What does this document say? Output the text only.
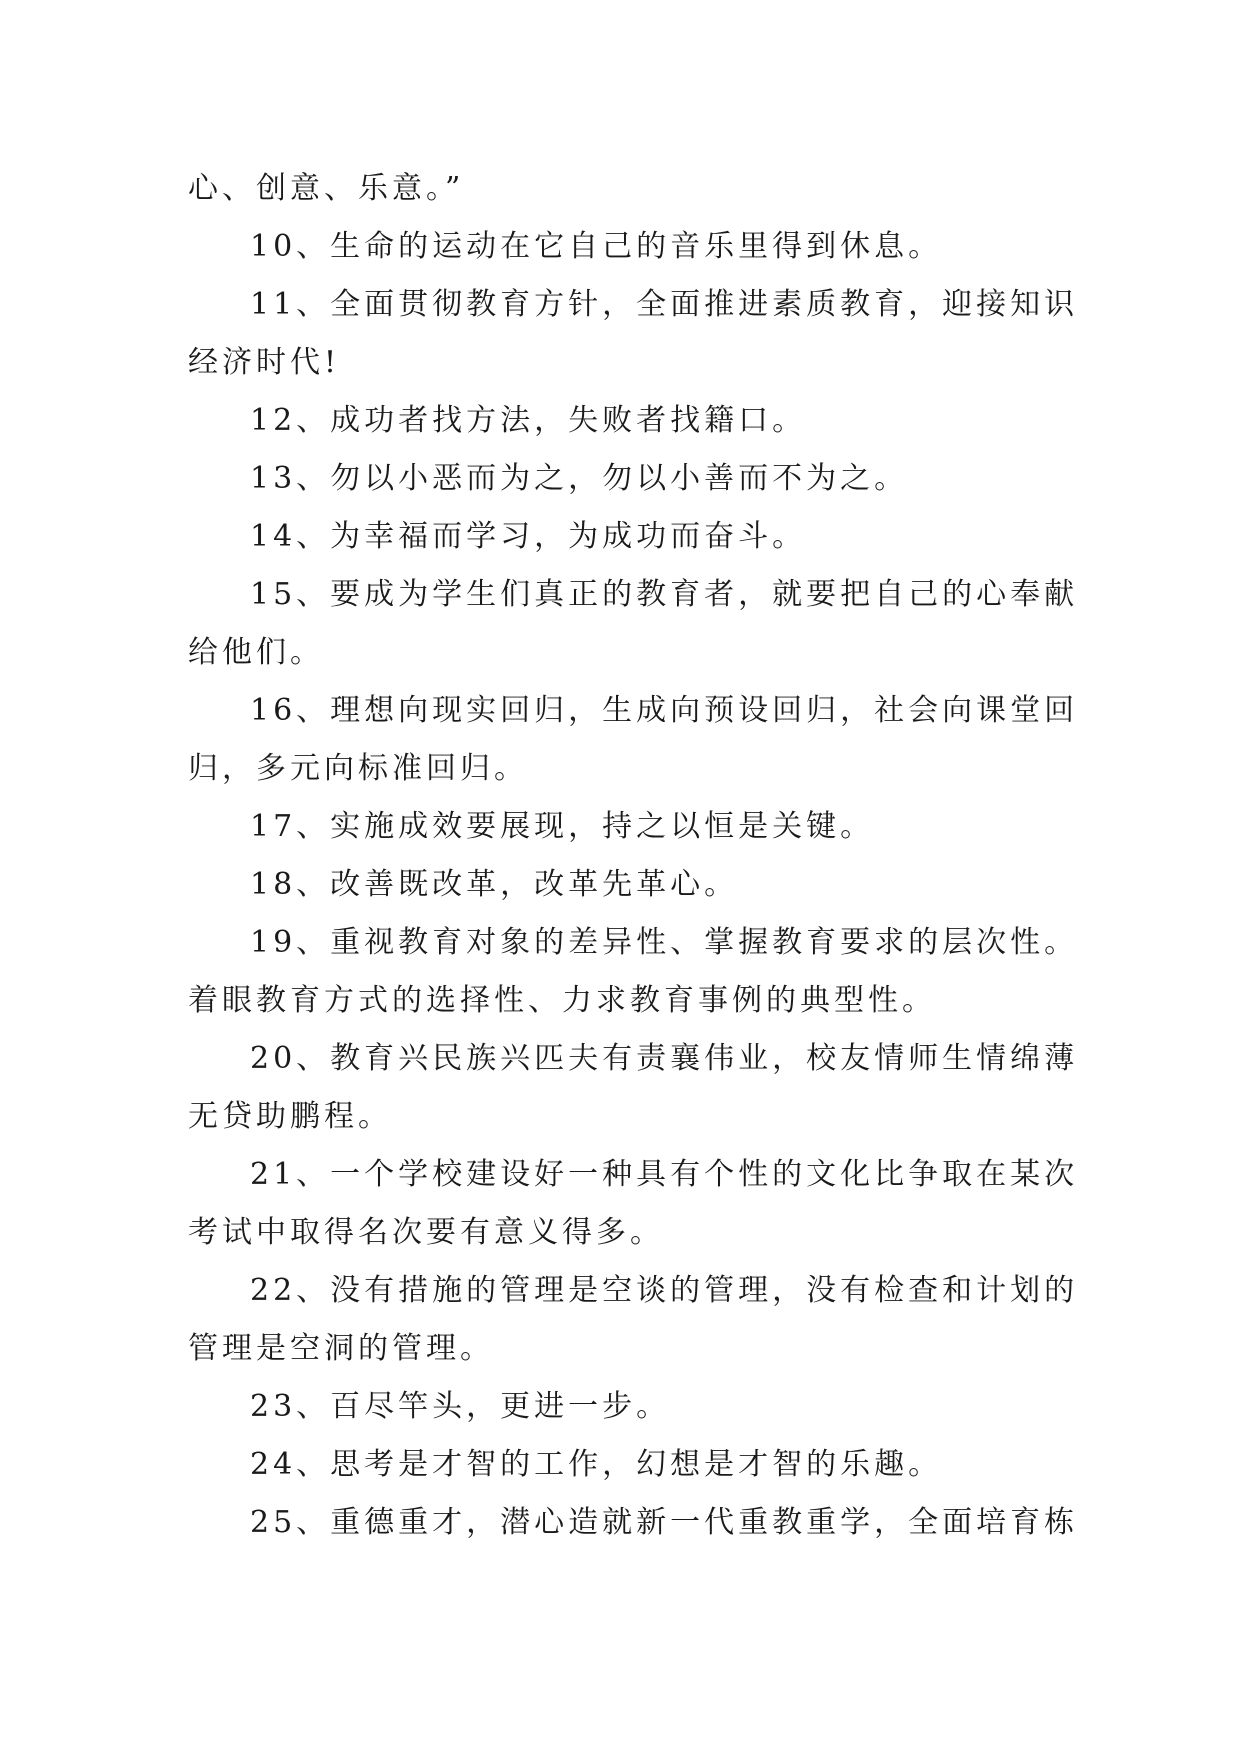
心、创意、乐意。”
10、生命的运动在它自己的音乐里得到休息。
11、全面贯彻教育方针，全面推进素质教育，迎接知识
经济时代!
12、成功者找方法，失败者找籍口。
13、勿以小恶而为之，勿以小善而不为之。
14、为幸福而学习，为成功而奋斗。
15、要成为学生们真正的教育者，就要把自己的心奉献
给他们。
16、理想向现实回归，生成向预设回归，社会向课堂回
归，多元向标准回归。
17、实施成效要展现，持之以恒是关键。
18、改善既改革，改革先革心。
19、重视教育对象的差异性、掌握教育要求的层次性。
着眼教育方式的选择性、力求教育事例的典型性。
20、教育兴民族兴匹夫有责襄伟业，校友情师生情绵薄
无贷助鹏程。
21、一个学校建设好一种具有个性的文化比争取在某次
考试中取得名次要有意义得多。
22、没有措施的管理是空谈的管理，没有检查和计划的
管理是空洞的管理。
23、百尽竿头，更进一步。
24、思考是才智的工作，幻想是才智的乐趣。
25、重德重才，潜心造就新一代重教重学，全面培育栋
